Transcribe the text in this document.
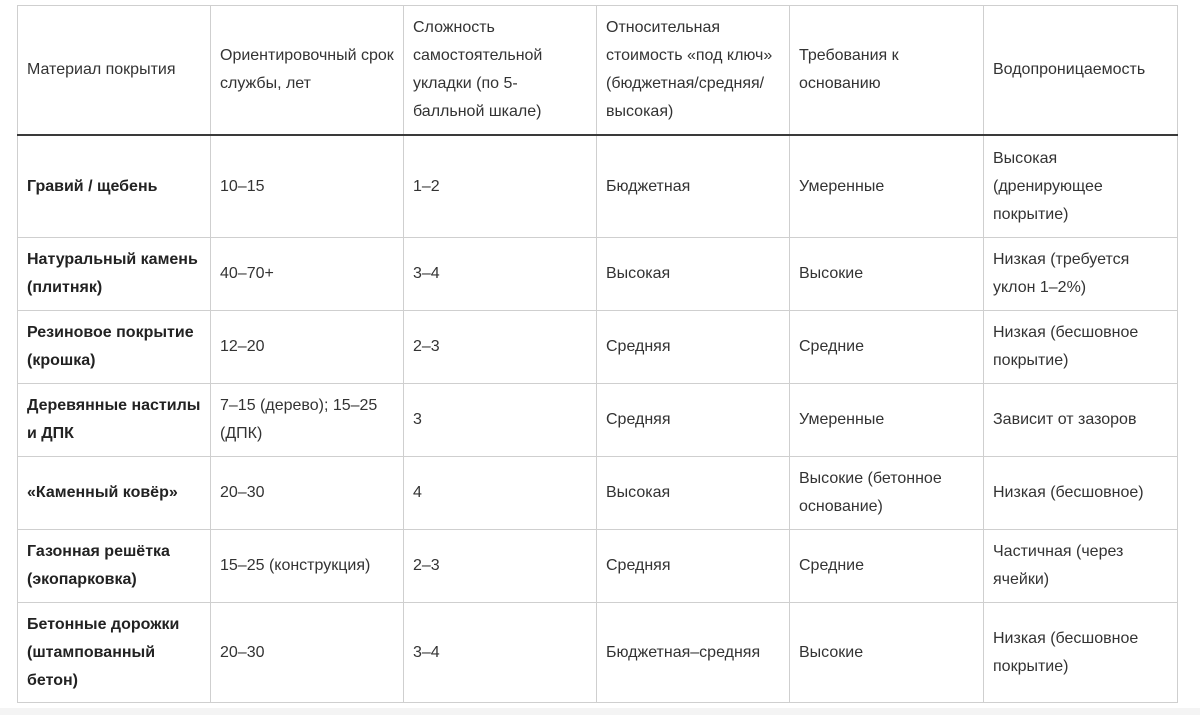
Материал покрытия	Ориентировочный срок службы, лет	Сложность самостоятельной укладки (по 5-балльной шкале)	Относительная стоимость «под ключ» (бюджетная/средняя/высокая)	Требования к основанию	Водопроницаемость
Гравий / щебень	10–15	1–2	Бюджетная	Умеренные	Высокая (дренирующее покрытие)
Натуральный камень (плитняк)	40–70+	3–4	Высокая	Высокие	Низкая (требуется уклон 1–2%)
Резиновое покрытие (крошка)	12–20	2–3	Средняя	Средние	Низкая (бесшовное покрытие)
Деревянные настилы и ДПК	7–15 (дерево); 15–25 (ДПК)	3	Средняя	Умеренные	Зависит от зазоров
«Каменный ковёр»	20–30	4	Высокая	Высокие (бетонное основание)	Низкая (бесшовное)
Газонная решётка (экопарковка)	15–25 (конструкция)	2–3	Средняя	Средние	Частичная (через ячейки)
Бетонные дорожки (штампованный бетон)	20–30	3–4	Бюджетная–средняя	Высокие	Низкая (бесшовное покрытие)
